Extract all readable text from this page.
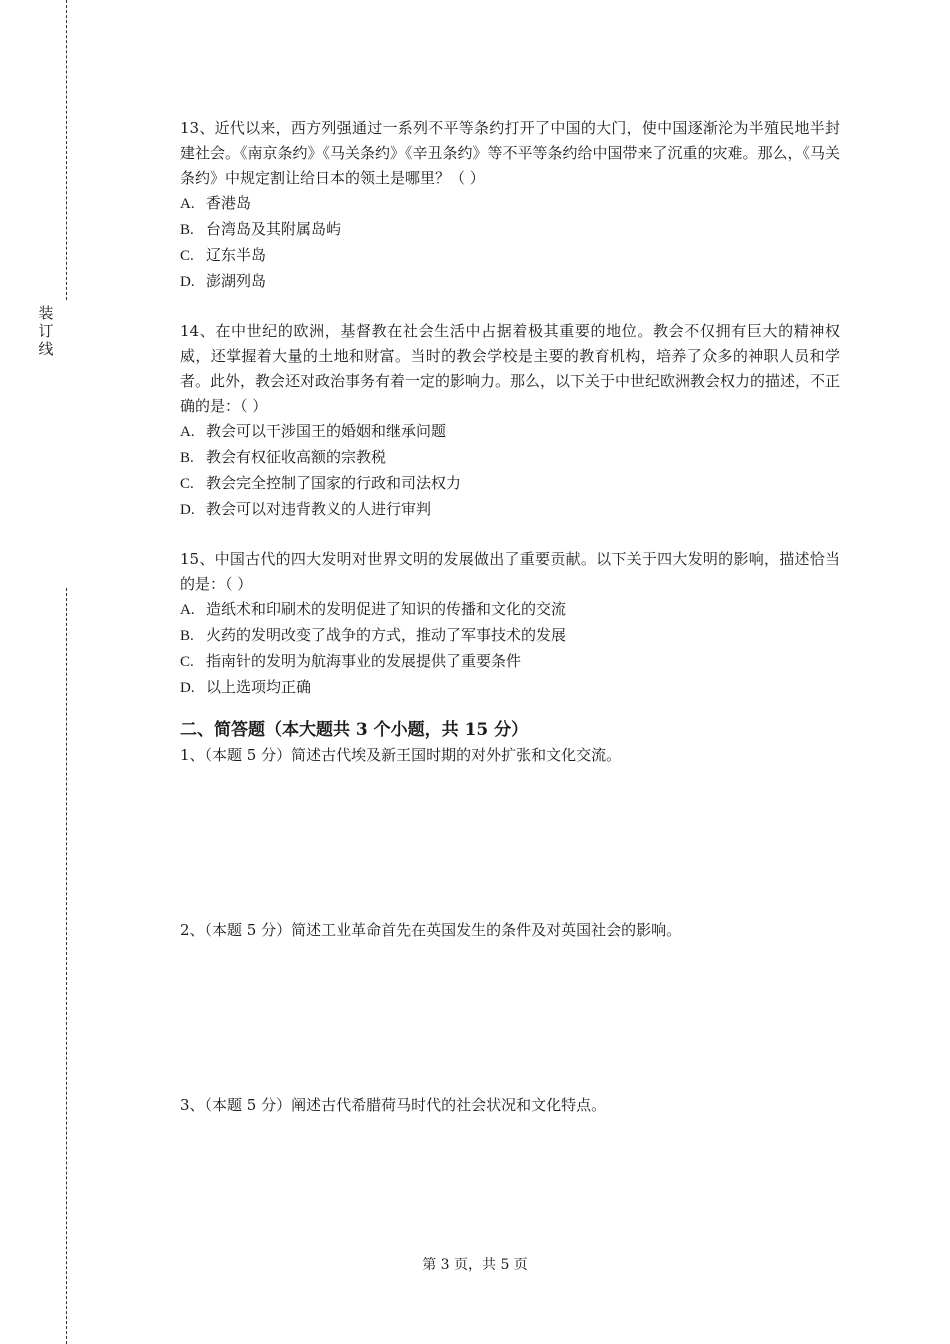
装
订
线

13、近代以来，西方列强通过一系列不平等条约打开了中国的大门，使中国逐渐沦为半殖民地半封建社会。《南京条约》《马关条约》《辛丑条约》等不平等条约给中国带来了沉重的灾难。那么，《马关条约》中规定割让给日本的领土是哪里？（ ）

A. 香港岛

B. 台湾岛及其附属岛屿

C. 辽东半岛

D. 澎湖列岛

14、在中世纪的欧洲，基督教在社会生活中占据着极其重要的地位。教会不仅拥有巨大的精神权威，还掌握着大量的土地和财富。当时的教会学校是主要的教育机构，培养了众多的神职人员和学者。此外，教会还对政治事务有着一定的影响力。那么，以下关于中世纪欧洲教会权力的描述，不正确的是：（ ）

A. 教会可以干涉国王的婚姻和继承问题

B. 教会有权征收高额的宗教税

C. 教会完全控制了国家的行政和司法权力

D. 教会可以对违背教义的人进行审判

15、中国古代的四大发明对世界文明的发展做出了重要贡献。以下关于四大发明的影响，描述恰当的是：（ ）

A. 造纸术和印刷术的发明促进了知识的传播和文化的交流

B. 火药的发明改变了战争的方式，推动了军事技术的发展

C. 指南针的发明为航海事业的发展提供了重要条件

D. 以上选项均正确

二、简答题（本大题共 3 个小题，共 15 分）

1、（本题 5 分）简述古代埃及新王国时期的对外扩张和文化交流。

2、（本题 5 分）简述工业革命首先在英国发生的条件及对英国社会的影响。

3、（本题 5 分）阐述古代希腊荷马时代的社会状况和文化特点。

第 3 页，共 5 页
